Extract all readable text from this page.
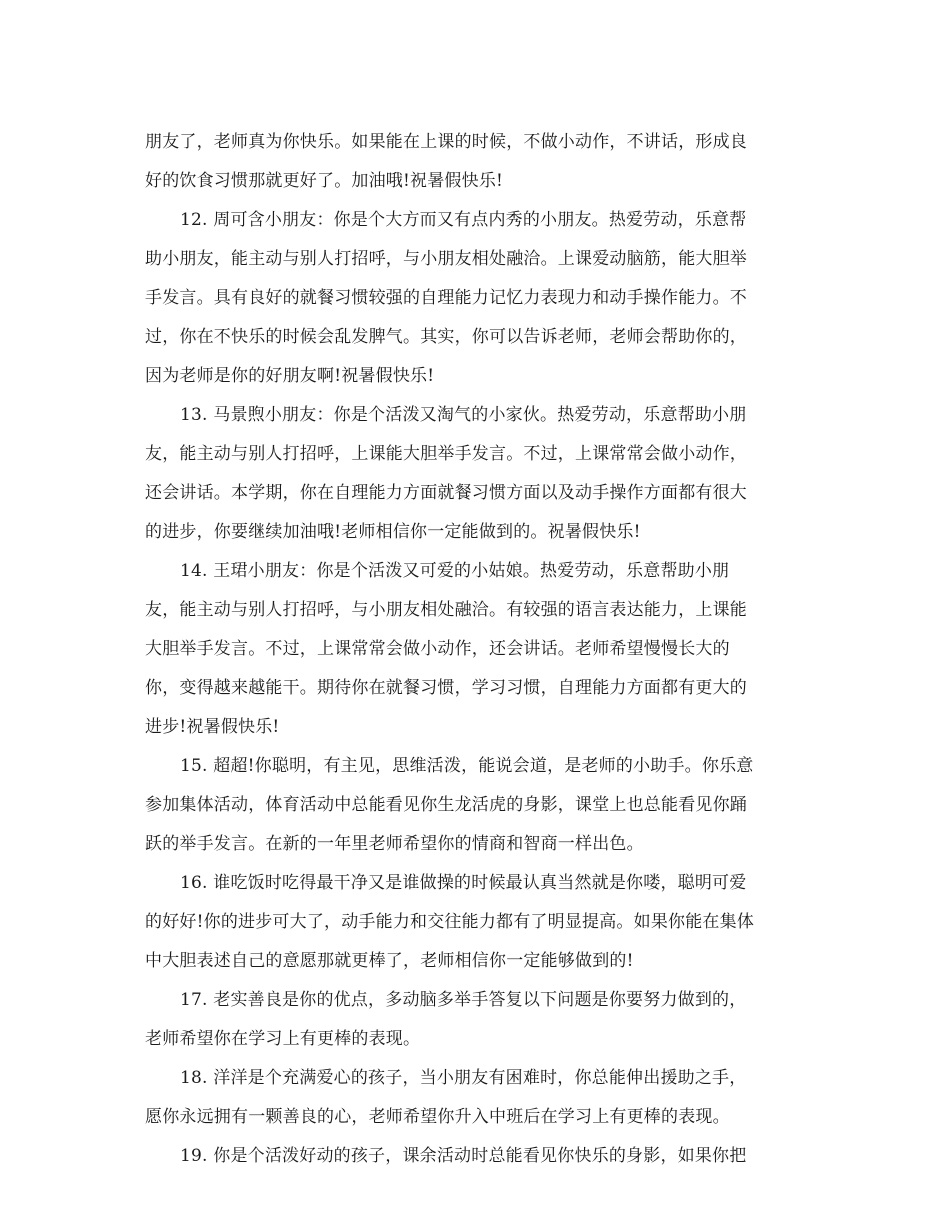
朋友了，老师真为你快乐。如果能在上课的时候，不做小动作，不讲话，形成良
好的饮食习惯那就更好了。加油哦!祝暑假快乐!
12. 周可含小朋友：你是个大方而又有点内秀的小朋友。热爱劳动，乐意帮
助小朋友，能主动与别人打招呼，与小朋友相处融洽。上课爱动脑筋，能大胆举
手发言。具有良好的就餐习惯较强的自理能力记忆力表现力和动手操作能力。不
过，你在不快乐的时候会乱发脾气。其实，你可以告诉老师，老师会帮助你的，
因为老师是你的好朋友啊!祝暑假快乐!
13. 马景煦小朋友：你是个活泼又淘气的小家伙。热爱劳动，乐意帮助小朋
友，能主动与别人打招呼，上课能大胆举手发言。不过，上课常常会做小动作，
还会讲话。本学期，你在自理能力方面就餐习惯方面以及动手操作方面都有很大
的进步，你要继续加油哦!老师相信你一定能做到的。祝暑假快乐!
14. 王珺小朋友：你是个活泼又可爱的小姑娘。热爱劳动，乐意帮助小朋
友，能主动与别人打招呼，与小朋友相处融洽。有较强的语言表达能力，上课能
大胆举手发言。不过，上课常常会做小动作，还会讲话。老师希望慢慢长大的
你，变得越来越能干。期待你在就餐习惯，学习习惯，自理能力方面都有更大的
进步!祝暑假快乐!
15. 超超!你聪明，有主见，思维活泼，能说会道，是老师的小助手。你乐意
参加集体活动，体育活动中总能看见你生龙活虎的身影，课堂上也总能看见你踊
跃的举手发言。在新的一年里老师希望你的情商和智商一样出色。
16. 谁吃饭时吃得最干净又是谁做操的时候最认真当然就是你喽，聪明可爱
的好好!你的进步可大了，动手能力和交往能力都有了明显提高。如果你能在集体
中大胆表述自己的意愿那就更棒了，老师相信你一定能够做到的!
17. 老实善良是你的优点，多动脑多举手答复以下问题是你要努力做到的，
老师希望你在学习上有更棒的表现。
18. 洋洋是个充满爱心的孩子，当小朋友有困难时，你总能伸出援助之手，
愿你永远拥有一颗善良的心，老师希望你升入中班后在学习上有更棒的表现。
19. 你是个活泼好动的孩子，课余活动时总能看见你快乐的身影，如果你把
